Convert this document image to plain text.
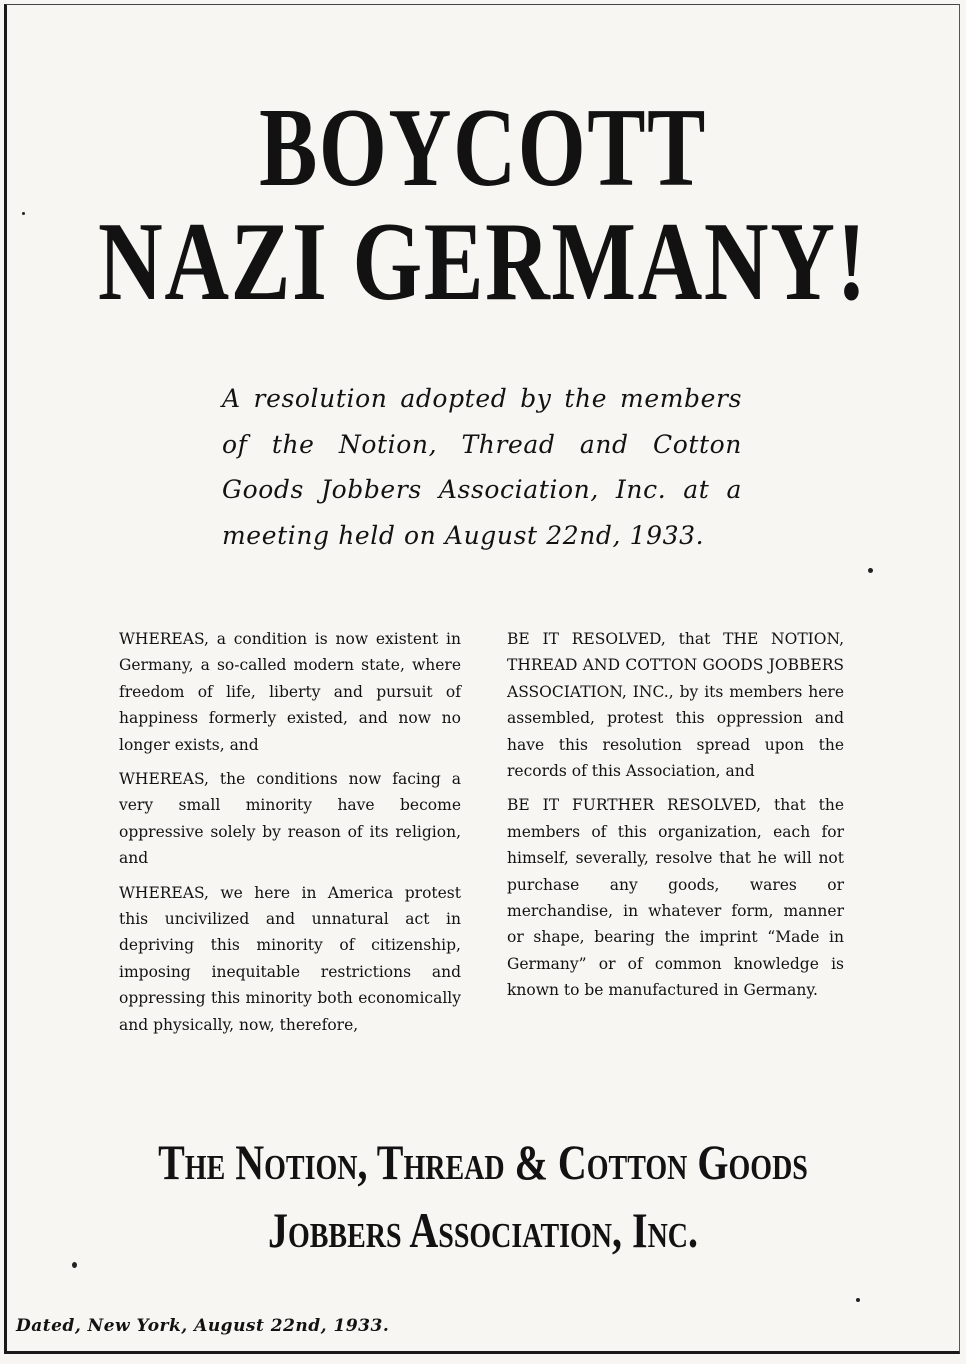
BOYCOTT
NAZI GERMANY!
A resolution adopted by the members
of the Notion, Thread and Cotton
Goods Jobbers Association, Inc. at a
meeting held on August 22nd, 1933.

WHEREAS, a condition is now existent in Germany, a so-called modern state, where freedom of life, liberty and pursuit of happiness formerly existed, and now no longer exists, and

WHEREAS, the conditions now facing a very small minority have become oppressive solely by reason of its religion, and

WHEREAS, we here in America protest this uncivilized and unnatural act in depriving this minority of citizenship, imposing inequitable restrictions and oppressing this minority both economically and physically, now, therefore,

BE IT RESOLVED, that THE NOTION, THREAD AND COTTON GOODS JOBBERS ASSOCIATION, INC., by its members here assembled, protest this oppression and have this resolution spread upon the records of this Association, and

BE IT FURTHER RESOLVED, that the members of this organization, each for himself, severally, resolve that he will not purchase any goods, wares or merchandise, in whatever form, manner or shape, bearing the imprint “Made in Germany” or of common knowledge is known to be manufactured in Germany.

The Notion, Thread & Cotton Goods
Jobbers Association, Inc.
Dated, New York, August 22nd, 1933.
